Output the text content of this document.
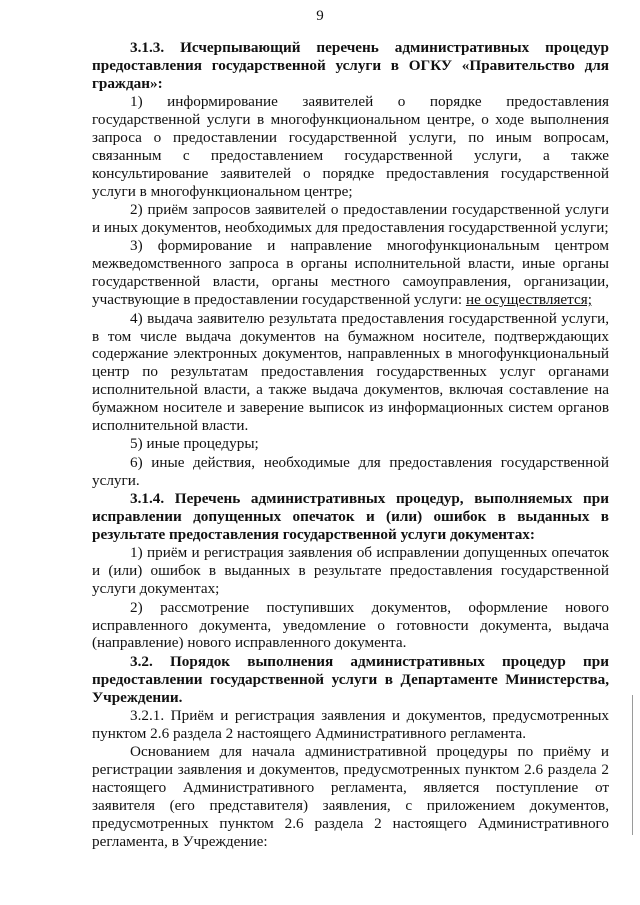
9

3.1.3. Исчерпывающий перечень административных процедур предоставления государственной услуги в ОГКУ «Правительство для граждан»:

1) информирование заявителей о порядке предоставления государственной услуги в многофункциональном центре, о ходе выполнения запроса о предоставлении государственной услуги, по иным вопросам, связанным с предоставлением государственной услуги, а также консультирование заявителей о порядке предоставления государственной услуги в многофункциональном центре;

2) приём запросов заявителей о предоставлении государственной услуги и иных документов, необходимых для предоставления государственной услуги;

3) формирование и направление многофункциональным центром межведомственного запроса в органы исполнительной власти, иные органы государственной власти, органы местного самоуправления, организации, участвующие в предоставлении государственной услуги: не осуществляется;

4) выдача заявителю результата предоставления государственной услуги, в том числе выдача документов на бумажном носителе, подтверждающих содержание электронных документов, направленных в многофункциональный центр по результатам предоставления государственных услуг органами исполнительной власти, а также выдача документов, включая составление на бумажном носителе и заверение выписок из информационных систем органов исполнительной власти.

5) иные процедуры;

6) иные действия, необходимые для предоставления государственной услуги.

3.1.4. Перечень административных процедур, выполняемых при исправлении допущенных опечаток и (или) ошибок в выданных в результате предоставления государственной услуги документах:

1) приём и регистрация заявления об исправлении допущенных опечаток и (или) ошибок в выданных в результате предоставления государственной услуги документах;

2) рассмотрение поступивших документов, оформление нового исправленного документа, уведомление о готовности документа, выдача (направление) нового исправленного документа.

3.2. Порядок выполнения административных процедур при предоставлении государственной услуги в Департаменте Министерства, Учреждении.

3.2.1. Приём и регистрация заявления и документов, предусмотренных пунктом 2.6 раздела 2 настоящего Административного регламента.

Основанием для начала административной процедуры по приёму и регистрации заявления и документов, предусмотренных пунктом 2.6 раздела 2 настоящего Административного регламента, является поступление от заявителя (его представителя) заявления, с приложением документов, предусмотренных пунктом 2.6 раздела 2 настоящего Административного регламента, в Учреждение:
